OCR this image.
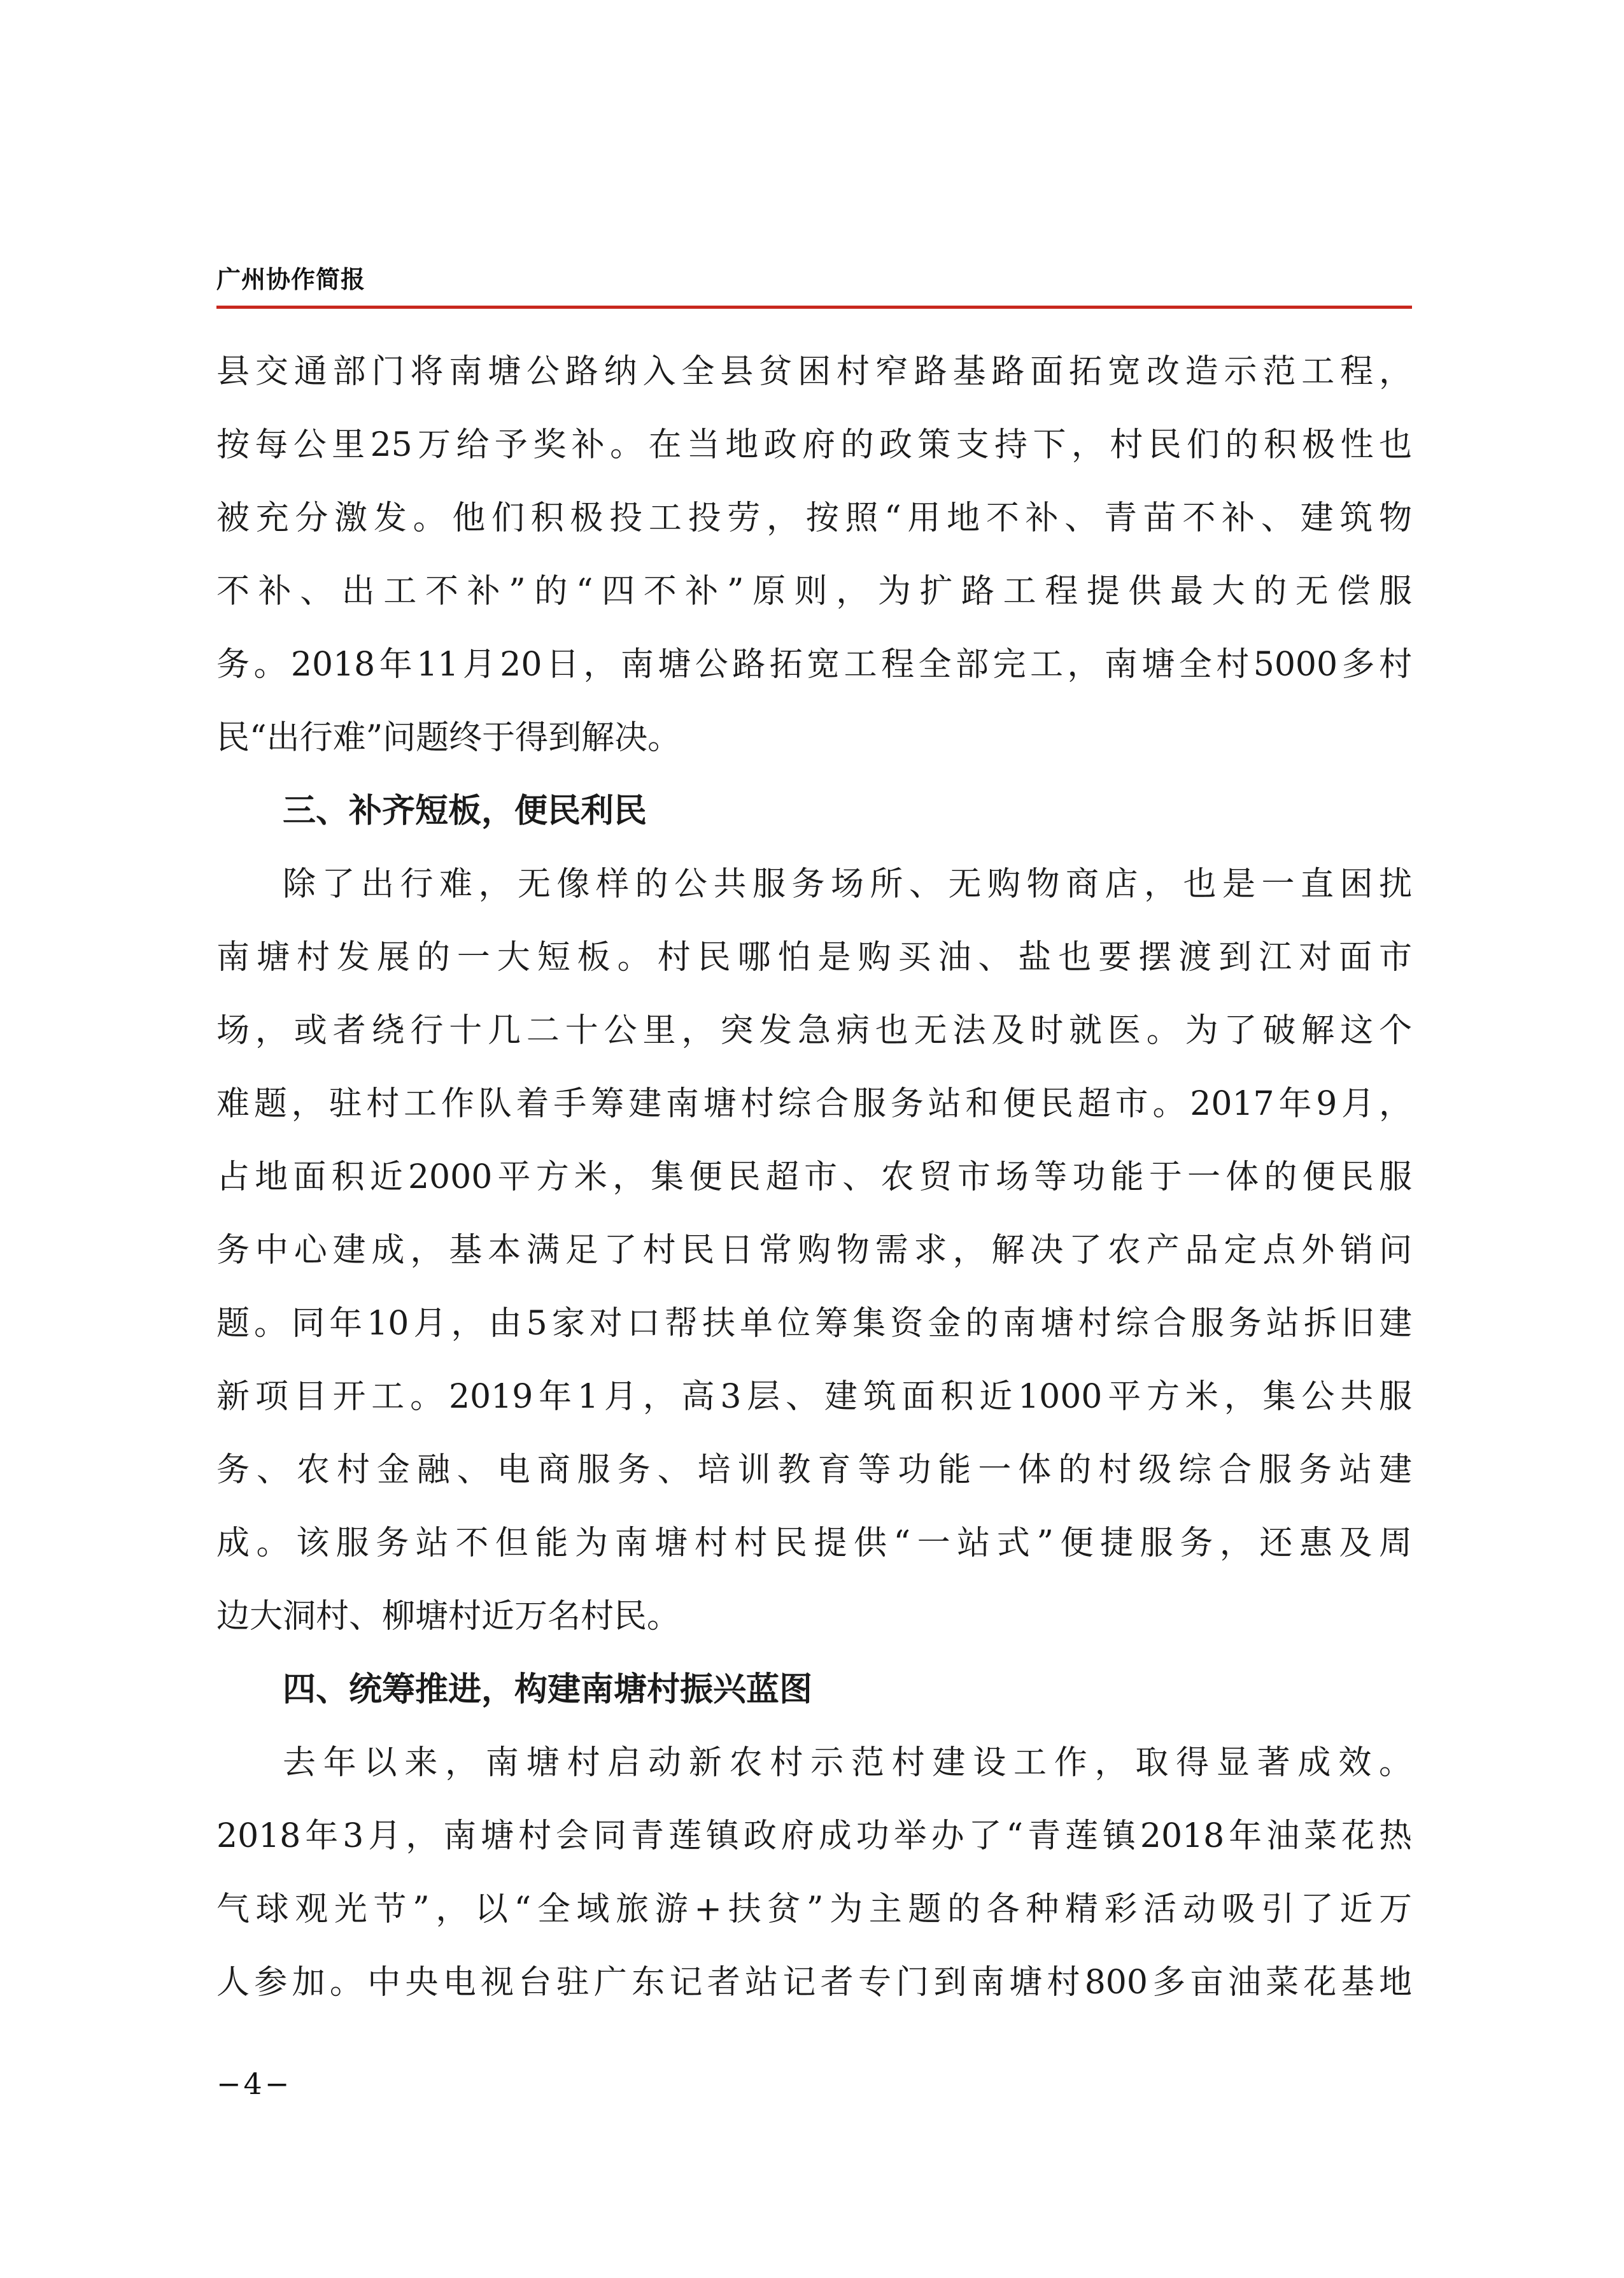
广州协作简报
县交通部门将南塘公路纳入全县贫困村窄路基路面拓宽改造示范工程，
按每公里25万给予奖补。在当地政府的政策支持下，村民们的积极性也
被充分激发。他们积极投工投劳，按照“用地不补、青苗不补、建筑物
不补、出工不补”的“四不补”原则，为扩路工程提供最大的无偿服
务。2018年11月20日，南塘公路拓宽工程全部完工，南塘全村5000多村
民“出行难”问题终于得到解决。
三、补齐短板，便民利民
除了出行难，无像样的公共服务场所、无购物商店，也是一直困扰
南塘村发展的一大短板。村民哪怕是购买油、盐也要摆渡到江对面市
场，或者绕行十几二十公里，突发急病也无法及时就医。为了破解这个
难题，驻村工作队着手筹建南塘村综合服务站和便民超市。2017年9月，
占地面积近2000平方米，集便民超市、农贸市场等功能于一体的便民服
务中心建成，基本满足了村民日常购物需求，解决了农产品定点外销问
题。同年10月，由5家对口帮扶单位筹集资金的南塘村综合服务站拆旧建
新项目开工。2019年1月，高3层、建筑面积近1000平方米，集公共服
务、农村金融、电商服务、培训教育等功能一体的村级综合服务站建
成。该服务站不但能为南塘村村民提供“一站式”便捷服务，还惠及周
边大洞村、柳塘村近万名村民。
四、统筹推进，构建南塘村振兴蓝图
去年以来，南塘村启动新农村示范村建设工作，取得显著成效。
2018年3月，南塘村会同青莲镇政府成功举办了“青莲镇2018年油菜花热
气球观光节”，以“全域旅游+扶贫”为主题的各种精彩活动吸引了近万
人参加。中央电视台驻广东记者站记者专门到南塘村800多亩油菜花基地
−4−
